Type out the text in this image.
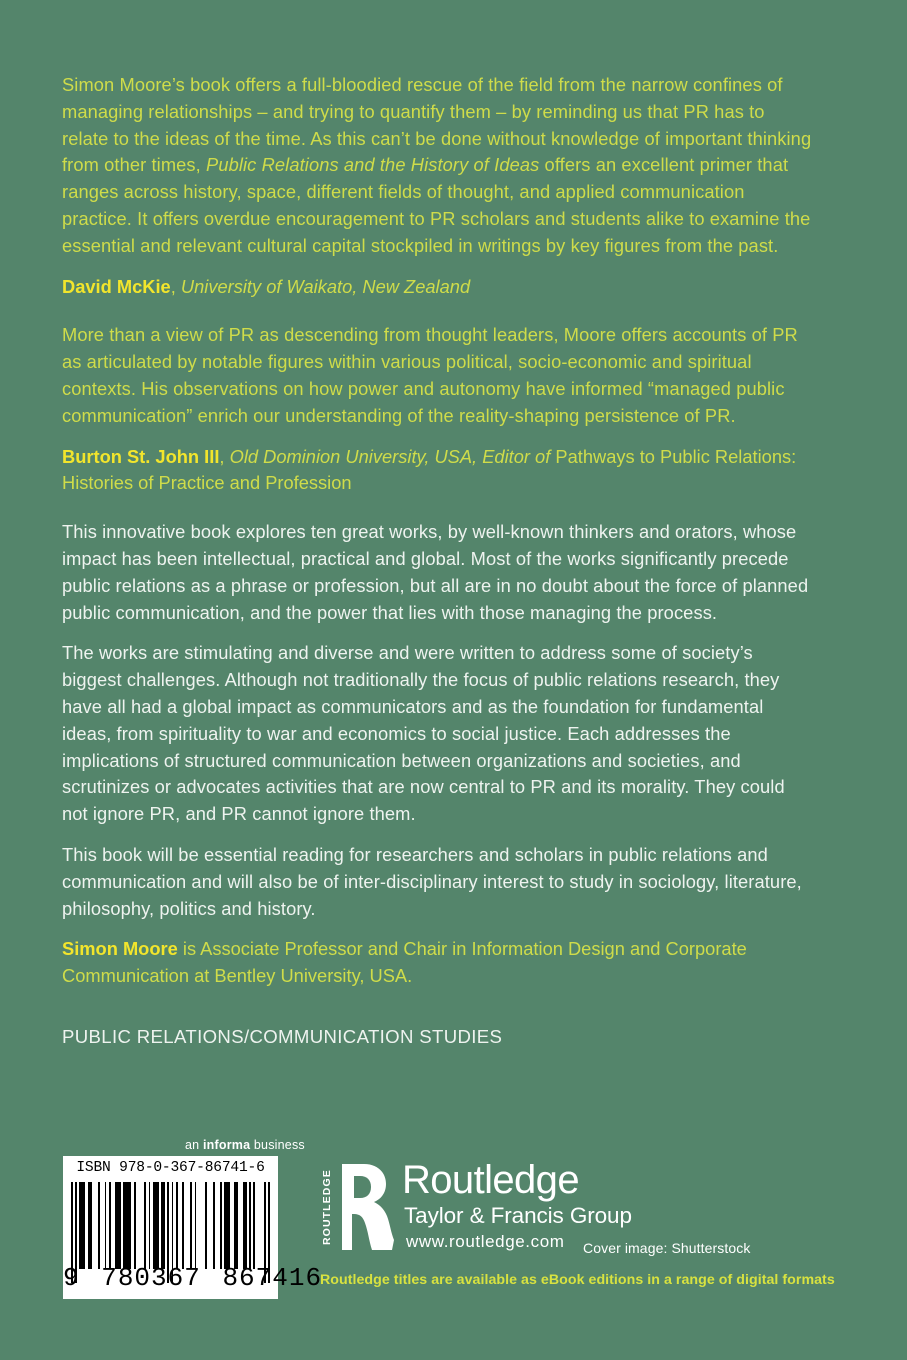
Simon Moore’s book offers a full-bloodied rescue of the field from the narrow confines of managing relationships – and trying to quantify them – by reminding us that PR has to relate to the ideas of the time. As this can’t be done without knowledge of important thinking from other times, Public Relations and the History of Ideas offers an excellent primer that ranges across history, space, different fields of thought, and applied communication practice. It offers overdue encouragement to PR scholars and students alike to examine the essential and relevant cultural capital stockpiled in writings by key figures from the past.

David McKie, University of Waikato, New Zealand

More than a view of PR as descending from thought leaders, Moore offers accounts of PR as articulated by notable figures within various political, socio-economic and spiritual contexts. His observations on how power and autonomy have informed “managed public communication” enrich our understanding of the reality-shaping persistence of PR.

Burton St. John III, Old Dominion University, USA, Editor of Pathways to Public Relations: Histories of Practice and Profession

This innovative book explores ten great works, by well-known thinkers and orators, whose impact has been intellectual, practical and global. Most of the works significantly precede public relations as a phrase or profession, but all are in no doubt about the force of planned public communication, and the power that lies with those managing the process.

The works are stimulating and diverse and were written to address some of society’s biggest challenges. Although not traditionally the focus of public relations research, they have all had a global impact as communicators and as the foundation for fundamental ideas, from spirituality to war and economics to social justice. Each addresses the implications of structured communication between organizations and societies, and scrutinizes or advocates activities that are now central to PR and its morality. They could not ignore PR, and PR cannot ignore them.

This book will be essential reading for researchers and scholars in public relations and communication and will also be of inter-disciplinary interest to study in sociology, literature, philosophy, politics and history.

Simon Moore is Associate Professor and Chair in Information Design and Corporate Communication at Bentley University, USA.

PUBLIC RELATIONS/COMMUNICATION STUDIES

an informa business
ISBN 978-0-367-86741-6
9 780367 867416
ROUTLEDGE Routledge
Taylor & Francis Group
www.routledge.com Cover image: Shutterstock
Routledge titles are available as eBook editions in a range of digital formats
